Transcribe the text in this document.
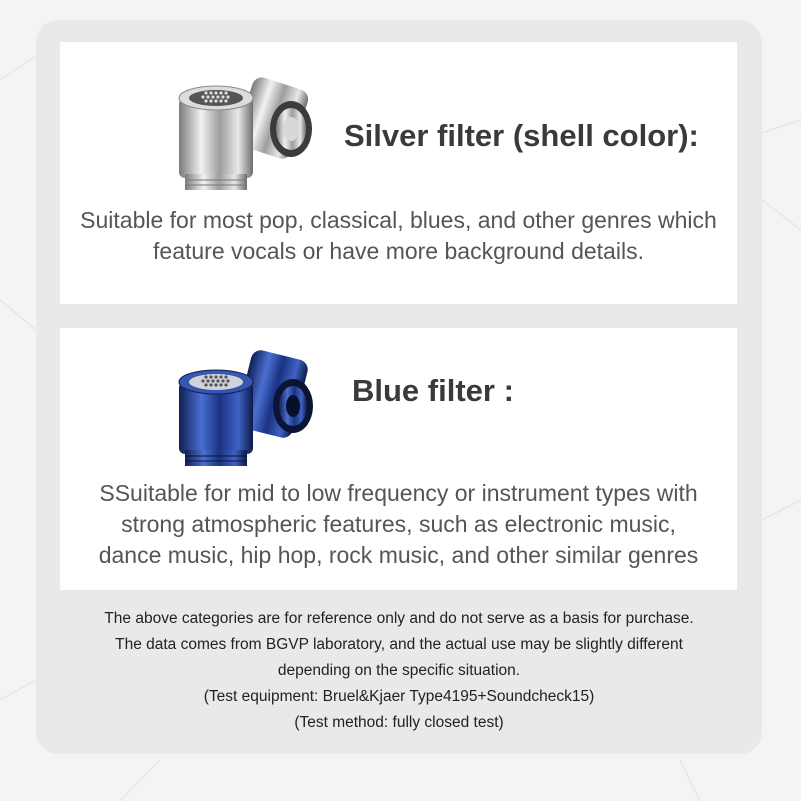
Silver filter (shell color):
Suitable for most pop, classical, blues, and other genres which
feature vocals or have more background details.
Blue filter :
SSuitable for mid to low frequency or instrument types with
strong atmospheric features, such as electronic music,
dance music, hip hop, rock music, and other similar genres
The above categories are for reference only and do not serve as a basis for purchase.
The data comes from BGVP laboratory, and the actual use may be slightly different
depending on the specific situation.
(Test equipment: Bruel&Kjaer Type4195+Soundcheck15)
(Test method: fully closed test)
